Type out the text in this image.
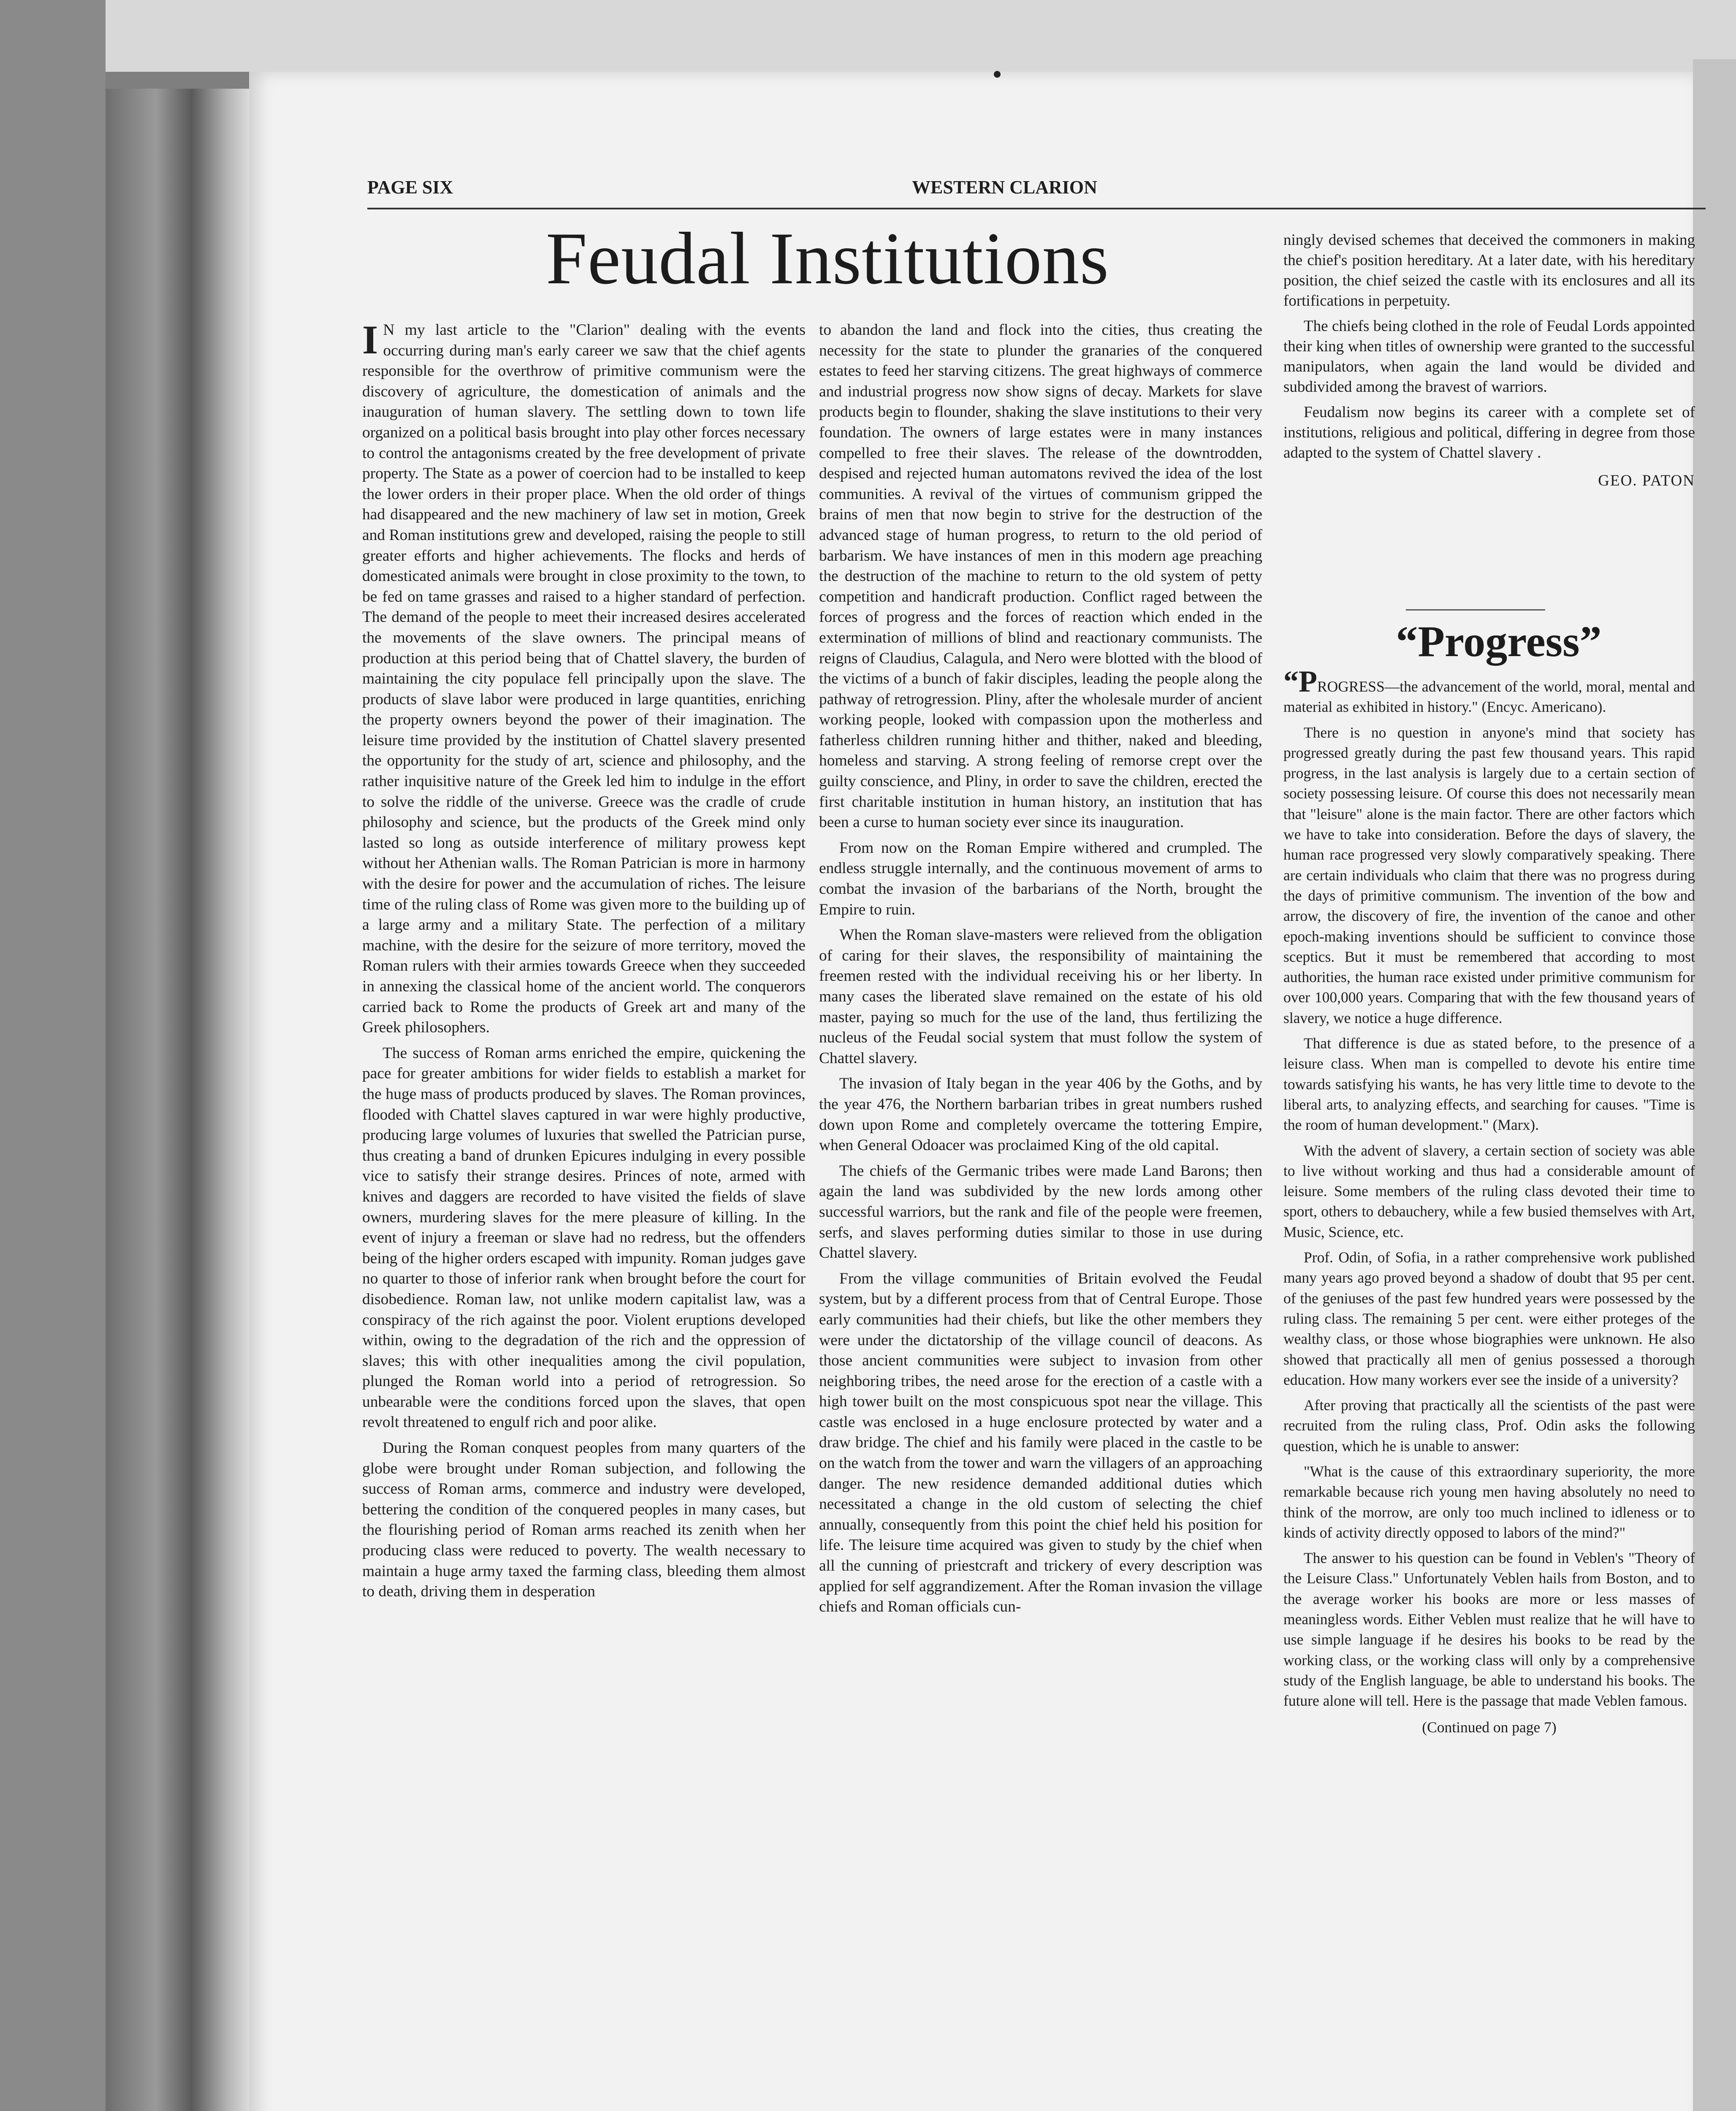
PAGE SIX	WESTERN CLARION
Feudal Institutions

I N my last article to the "Clarion" dealing with the events occurring during man's early career we saw that the chief agents responsible for the overthrow of primitive communism were the discovery of agriculture, the domestication of animals and the inauguration of human slavery. The settling down to town life organized on a political basis brought into play other forces necessary to control the antagonisms created by the free development of private property. The State as a power of coercion had to be installed to keep the lower orders in their proper place. When the old order of things had disappeared and the new machinery of law set in motion, Greek and Roman institutions grew and developed, raising the people to still greater efforts and higher achievements. The flocks and herds of domesticated animals were brought in close proximity to the town, to be fed on tame grasses and raised to a higher standard of perfection. The demand of the people to meet their increased desires accelerated the movements of the slave owners. The principal means of production at this period being that of Chattel slavery, the burden of maintaining the city populace fell principally upon the slave. The products of slave labor were produced in large quantities, enriching the property owners beyond the power of their imagination. The leisure time provided by the institution of Chattel slavery presented the opportunity for the study of art, science and philosophy, and the rather inquisitive nature of the Greek led him to indulge in the effort to solve the riddle of the universe. Greece was the cradle of crude philosophy and science, but the products of the Greek mind only lasted so long as outside interference of military prowess kept without her Athenian walls. The Roman Patrician is more in harmony with the desire for power and the accumulation of riches. The leisure time of the ruling class of Rome was given more to the building up of a large army and a military State. The perfection of a military machine, with the desire for the seizure of more territory, moved the Roman rulers with their armies towards Greece when they succeeded in annexing the classical home of the ancient world. The conquerors carried back to Rome the products of Greek art and many of the Greek philosophers.

The success of Roman arms enriched the empire, quickening the pace for greater ambitions for wider fields to establish a market for the huge mass of products produced by slaves. The Roman provinces, flooded with Chattel slaves captured in war were highly productive, producing large volumes of luxuries that swelled the Patrician purse, thus creating a band of drunken Epicures indulging in every possible vice to satisfy their strange desires. Princes of note, armed with knives and daggers are recorded to have visited the fields of slave owners, murdering slaves for the mere pleasure of killing. In the event of injury a freeman or slave had no redress, but the offenders being of the higher orders escaped with impunity. Roman judges gave no quarter to those of inferior rank when brought before the court for disobedience. Roman law, not unlike modern capitalist law, was a conspiracy of the rich against the poor. Violent eruptions developed within, owing to the degradation of the rich and the oppression of slaves; this with other inequalities among the civil population, plunged the Roman world into a period of retrogression. So unbearable were the conditions forced upon the slaves, that open revolt threatened to engulf rich and poor alike.

During the Roman conquest peoples from many quarters of the globe were brought under Roman subjection, and following the success of Roman arms, commerce and industry were developed, bettering the condition of the conquered peoples in many cases, but the flourishing period of Roman arms reached its zenith when her producing class were reduced to poverty. The wealth necessary to maintain a huge army taxed the farming class, bleeding them almost to death, driving them in desperation

to abandon the land and flock into the cities, thus creating the necessity for the state to plunder the granaries of the conquered estates to feed her starving citizens. The great highways of commerce and industrial progress now show signs of decay. Markets for slave products begin to flounder, shaking the slave institutions to their very foundation. The owners of large estates were in many instances compelled to free their slaves. The release of the downtrodden, despised and rejected human automatons revived the idea of the lost communities. A revival of the virtues of communism gripped the brains of men that now begin to strive for the destruction of the advanced stage of human progress, to return to the old period of barbarism. We have instances of men in this modern age preaching the destruction of the machine to return to the old system of petty competition and handicraft production. Conflict raged between the forces of progress and the forces of reaction which ended in the extermination of millions of blind and reactionary communists. The reigns of Claudius, Calagula, and Nero were blotted with the blood of the victims of a bunch of fakir disciples, leading the people along the pathway of retrogression. Pliny, after the wholesale murder of ancient working people, looked with compassion upon the motherless and fatherless children running hither and thither, naked and bleeding, homeless and starving. A strong feeling of remorse crept over the guilty conscience, and Pliny, in order to save the children, erected the first charitable institution in human history, an institution that has been a curse to human society ever since its inauguration.

From now on the Roman Empire withered and crumpled. The endless struggle internally, and the continuous movement of arms to combat the invasion of the barbarians of the North, brought the Empire to ruin.

When the Roman slave-masters were relieved from the obligation of caring for their slaves, the responsibility of maintaining the freemen rested with the individual receiving his or her liberty. In many cases the liberated slave remained on the estate of his old master, paying so much for the use of the land, thus fertilizing the nucleus of the Feudal social system that must follow the system of Chattel slavery.

The invasion of Italy began in the year 406 by the Goths, and by the year 476, the Northern barbarian tribes in great numbers rushed down upon Rome and completely overcame the tottering Empire, when General Odoacer was proclaimed King of the old capital.

The chiefs of the Germanic tribes were made Land Barons; then again the land was subdivided by the new lords among other successful warriors, but the rank and file of the people were freemen, serfs, and slaves performing duties similar to those in use during Chattel slavery.

From the village communities of Britain evolved the Feudal system, but by a different process from that of Central Europe. Those early communities had their chiefs, but like the other members they were under the dictatorship of the village council of deacons. As those ancient communities were subject to invasion from other neighboring tribes, the need arose for the erection of a castle with a high tower built on the most conspicuous spot near the village. This castle was enclosed in a huge enclosure protected by water and a draw bridge. The chief and his family were placed in the castle to be on the watch from the tower and warn the villagers of an approaching danger. The new residence demanded additional duties which necessitated a change in the old custom of selecting the chief annually, consequently from this point the chief held his position for life. The leisure time acquired was given to study by the chief when all the cunning of priestcraft and trickery of every description was applied for self aggrandizement. After the Roman invasion the village chiefs and Roman officials cun-

ningly devised schemes that deceived the commoners in making the chief's position hereditary. At a later date, with his hereditary position, the chief seized the castle with its enclosures and all its fortifications in perpetuity.

The chiefs being clothed in the role of Feudal Lords appointed their king when titles of ownership were granted to the successful manipulators, when again the land would be divided and subdivided among the bravest of warriors.

Feudalism now begins its career with a complete set of institutions, religious and political, differing in degree from those adapted to the system of Chattel slavery .

GEO. PATON

“Progress”

“PROGRESS—the advancement of the world, moral, mental and material as exhibited in history." (Encyc. Americano).

There is no question in anyone's mind that society has progressed greatly during the past few thousand years. This rapid progress, in the last analysis is largely due to a certain section of society possessing leisure. Of course this does not necessarily mean that "leisure" alone is the main factor. There are other factors which we have to take into consideration. Before the days of slavery, the human race progressed very slowly comparatively speaking. There are certain individuals who claim that there was no progress during the days of primitive communism. The invention of the bow and arrow, the discovery of fire, the invention of the canoe and other epoch-making inventions should be sufficient to convince those sceptics. But it must be remembered that according to most authorities, the human race existed under primitive communism for over 100,000 years. Comparing that with the few thousand years of slavery, we notice a huge difference.

That difference is due as stated before, to the presence of a leisure class. When man is compelled to devote his entire time towards satisfying his wants, he has very little time to devote to the liberal arts, to analyzing effects, and searching for causes. "Time is the room of human development." (Marx).

With the advent of slavery, a certain section of society was able to live without working and thus had a considerable amount of leisure. Some members of the ruling class devoted their time to sport, others to debauchery, while a few busied themselves with Art, Music, Science, etc.

Prof. Odin, of Sofia, in a rather comprehensive work published many years ago proved beyond a shadow of doubt that 95 per cent. of the geniuses of the past few hundred years were possessed by the ruling class. The remaining 5 per cent. were either proteges of the wealthy class, or those whose biographies were unknown. He also showed that practically all men of genius possessed a thorough education. How many workers ever see the inside of a university?

After proving that practically all the scientists of the past were recruited from the ruling class, Prof. Odin asks the following question, which he is unable to answer:

"What is the cause of this extraordinary superiority, the more remarkable because rich young men having absolutely no need to think of the morrow, are only too much inclined to idleness or to kinds of activity directly opposed to labors of the mind?"

The answer to his question can be found in Veblen's "Theory of the Leisure Class." Unfortunately Veblen hails from Boston, and to the average worker his books are more or less masses of meaningless words. Either Veblen must realize that he will have to use simple language if he desires his books to be read by the working class, or the working class will only by a comprehensive study of the English language, be able to understand his books. The future alone will tell. Here is the passage that made Veblen famous.

(Continued on page 7)
